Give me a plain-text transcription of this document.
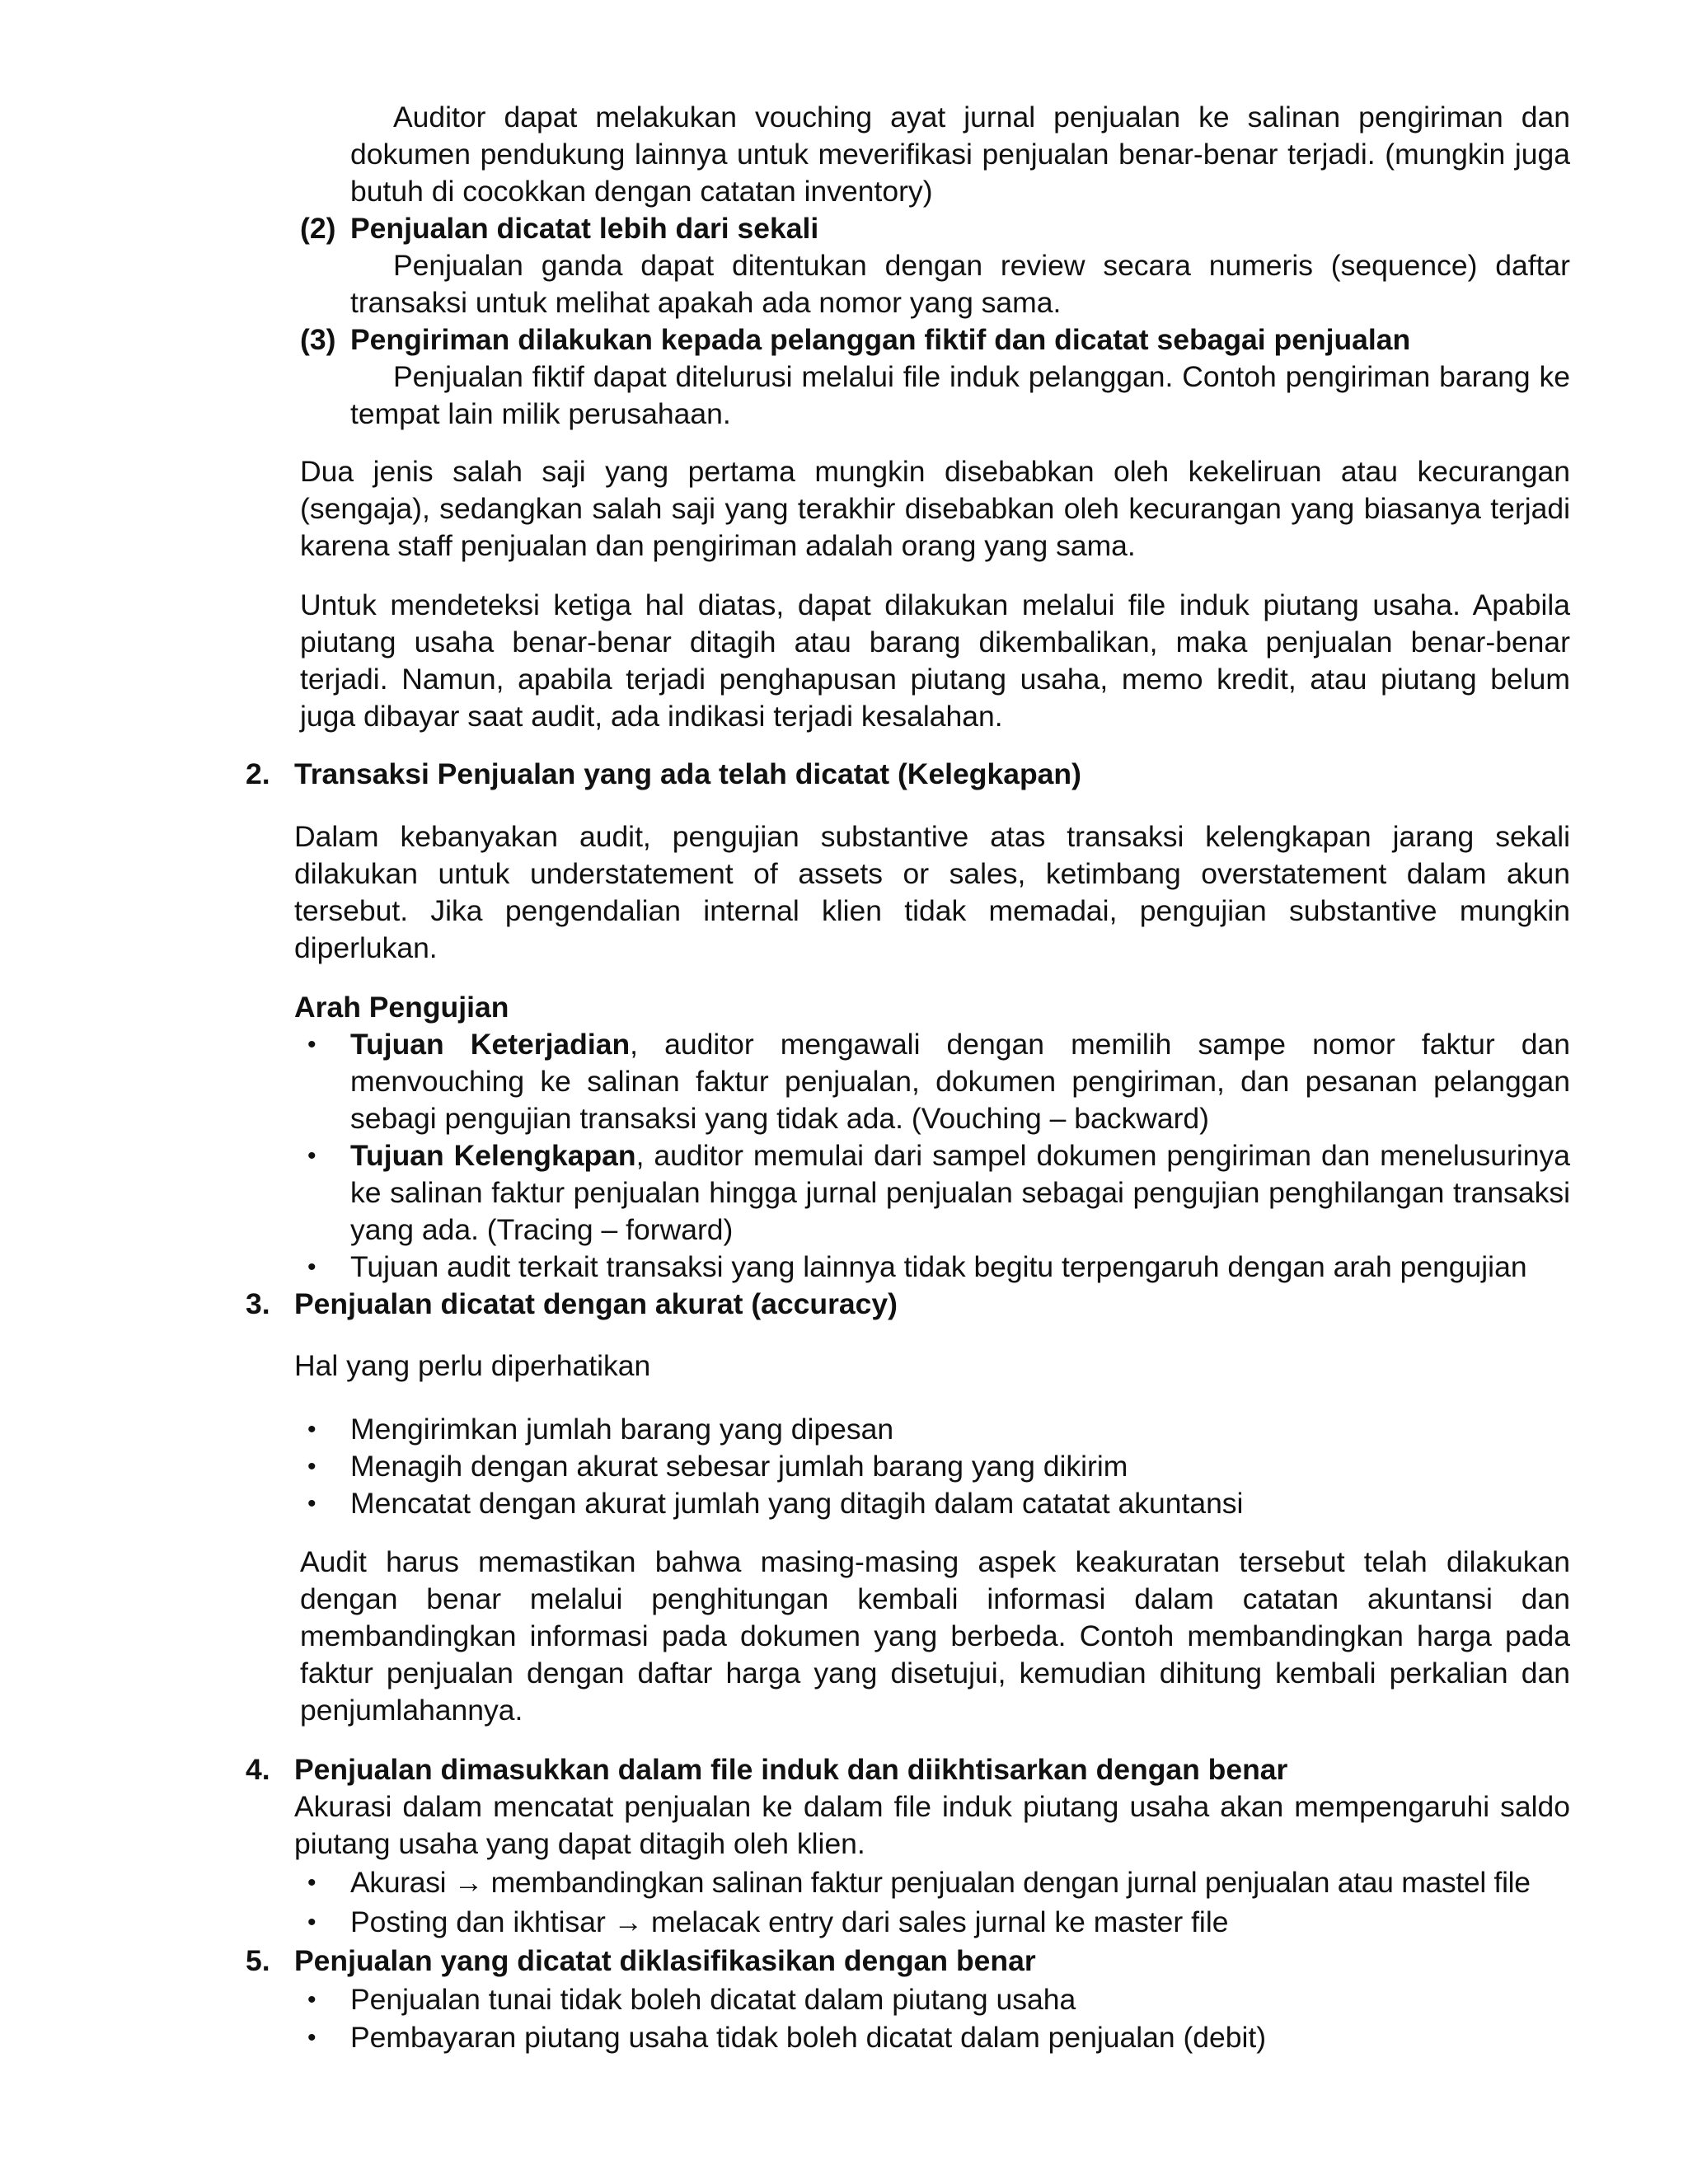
Auditor dapat melakukan vouching ayat jurnal penjualan ke salinan pengiriman dan dokumen pendukung lainnya untuk meverifikasi penjualan benar-benar terjadi. (mungkin juga butuh di cocokkan dengan catatan inventory)

(2) Penjualan dicatat lebih dari sekali

Penjualan ganda dapat ditentukan dengan review secara numeris (sequence) daftar transaksi untuk melihat apakah ada nomor yang sama.

(3) Pengiriman dilakukan kepada pelanggan fiktif dan dicatat sebagai penjualan

Penjualan fiktif dapat ditelurusi melalui file induk pelanggan. Contoh pengiriman barang ke tempat lain milik perusahaan.

Dua jenis salah saji yang pertama mungkin disebabkan oleh kekeliruan atau kecurangan (sengaja), sedangkan salah saji yang terakhir disebabkan oleh kecurangan yang biasanya terjadi karena staff penjualan dan pengiriman adalah orang yang sama.

Untuk mendeteksi ketiga hal diatas, dapat dilakukan melalui file induk piutang usaha. Apabila piutang usaha benar-benar ditagih atau barang dikembalikan, maka penjualan benar-benar terjadi. Namun, apabila terjadi penghapusan piutang usaha, memo kredit, atau piutang belum juga dibayar saat audit, ada indikasi terjadi kesalahan.

2. Transaksi Penjualan yang ada telah dicatat (Kelegkapan)

Dalam kebanyakan audit, pengujian substantive atas transaksi kelengkapan jarang sekali dilakukan untuk understatement of assets or sales, ketimbang overstatement dalam akun tersebut. Jika pengendalian internal klien tidak memadai, pengujian substantive mungkin diperlukan.

Arah Pengujian

• Tujuan Keterjadian, auditor mengawali dengan memilih sampe nomor faktur dan menvouching ke salinan faktur penjualan, dokumen pengiriman, dan pesanan pelanggan sebagi pengujian transaksi yang tidak ada. (Vouching – backward)

• Tujuan Kelengkapan, auditor memulai dari sampel dokumen pengiriman dan menelusurinya ke salinan faktur penjualan hingga jurnal penjualan sebagai pengujian penghilangan transaksi yang ada. (Tracing – forward)

• Tujuan audit terkait transaksi yang lainnya tidak begitu terpengaruh dengan arah pengujian

3. Penjualan dicatat dengan akurat (accuracy)

Hal yang perlu diperhatikan

• Mengirimkan jumlah barang yang dipesan

• Menagih dengan akurat sebesar jumlah barang yang dikirim

• Mencatat dengan akurat jumlah yang ditagih dalam catatat akuntansi

Audit harus memastikan bahwa masing-masing aspek keakuratan tersebut telah dilakukan dengan benar melalui penghitungan kembali informasi dalam catatan akuntansi dan membandingkan informasi pada dokumen yang berbeda. Contoh membandingkan harga pada faktur penjualan dengan daftar harga yang disetujui, kemudian dihitung kembali perkalian dan penjumlahannya.

4. Penjualan dimasukkan dalam file induk dan diikhtisarkan dengan benar

Akurasi dalam mencatat penjualan ke dalam file induk piutang usaha akan mempengaruhi saldo piutang usaha yang dapat ditagih oleh klien.

• Akurasi → membandingkan salinan faktur penjualan dengan jurnal penjualan atau mastel file

• Posting dan ikhtisar → melacak entry dari sales jurnal ke master file

5. Penjualan yang dicatat diklasifikasikan dengan benar

• Penjualan tunai tidak boleh dicatat dalam piutang usaha

• Pembayaran piutang usaha tidak boleh dicatat dalam penjualan (debit)
